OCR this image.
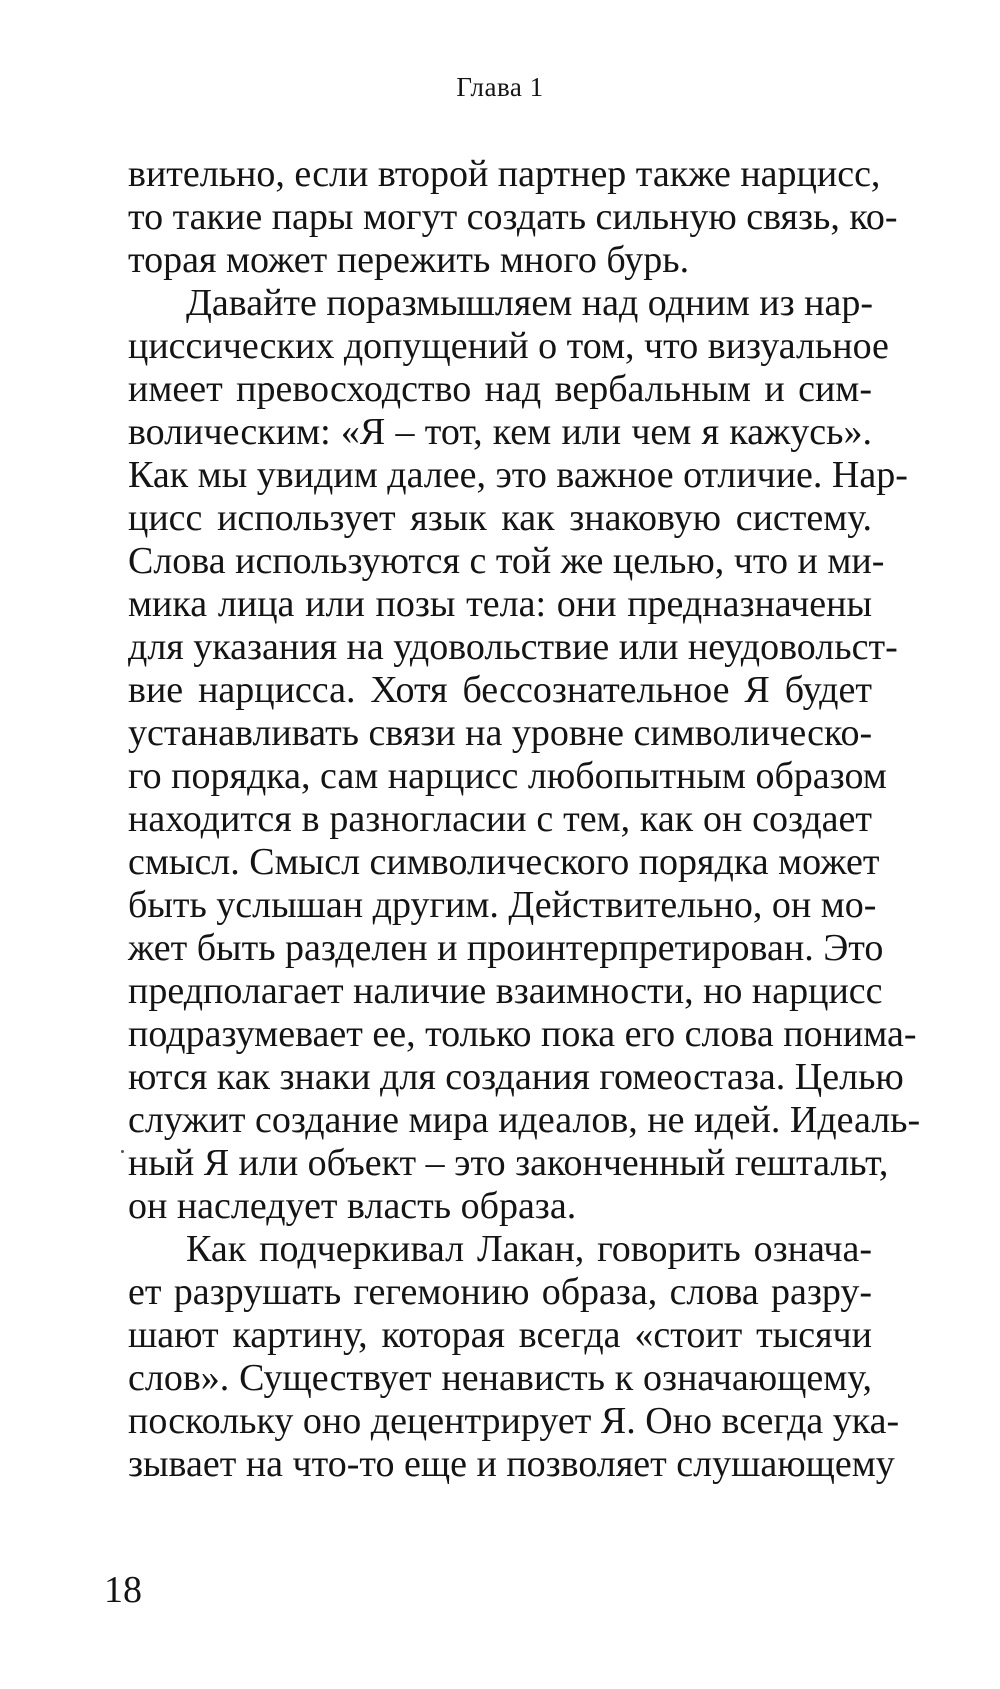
Глава 1
вительно, если второй партнер также нарцисс,
то такие пары могут создать сильную связь, ко-
торая может пережить много бурь.
Давайте поразмышляем над одним из нар-
циссических допущений о том, что визуальное
имеет превосходство над вербальным и сим-
волическим: «Я – тот, кем или чем я кажусь».
Как мы увидим далее, это важное отличие. Нар-
цисс использует язык как знаковую систему.
Слова используются с той же целью, что и ми-
мика лица или позы тела: они предназначены
для указания на удовольствие или неудовольст-
вие нарцисса. Хотя бессознательное Я будет
устанавливать связи на уровне символическо-
го порядка, сам нарцисс любопытным образом
находится в разногласии с тем, как он создает
смысл. Смысл символического порядка может
быть услышан другим. Действительно, он мо-
жет быть разделен и проинтерпретирован. Это
предполагает наличие взаимности, но нарцисс
подразумевает ее, только пока его слова понима-
ются как знаки для создания гомеостаза. Целью
служит создание мира идеалов, не идей. Идеаль-
ный Я или объект – это законченный гештальт,
он наследует власть образа.
Как подчеркивал Лакан, говорить означа-
ет разрушать гегемонию образа, слова разру-
шают картину, которая всегда «стоит тысячи
слов». Существует ненависть к означающему,
поскольку оно децентрирует Я. Оно всегда ука-
зывает на что-то еще и позволяет слушающему
18
